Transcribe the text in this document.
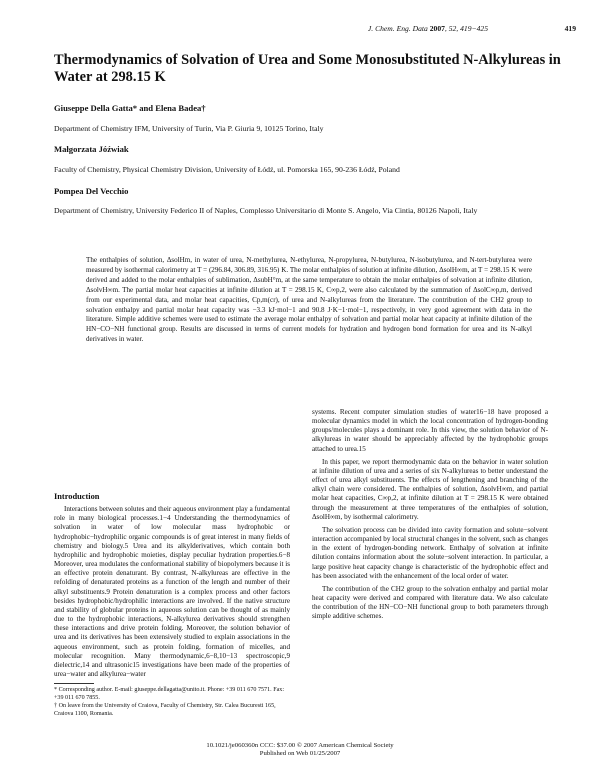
J. Chem. Eng. Data 2007, 52, 419−425	419
Thermodynamics of Solvation of Urea and Some Monosubstituted N-Alkylureas in Water at 298.15 K

Giuseppe Della Gatta* and Elena Badea†

Department of Chemistry IFM, University of Turin, Via P. Giuria 9, 10125 Torino, Italy

Małgorzata Jóźwiak

Faculty of Chemistry, Physical Chemistry Division, University of Łódź, ul. Pomorska 165, 90-236 Łódź, Poland

Pompea Del Vecchio

Department of Chemistry, University Federico II of Naples, Complesso Universitario di Monte S. Angelo, Via Cintia, 80126 Napoli, Italy

The enthalpies of solution, ΔsolHm, in water of urea, N-methylurea, N-ethylurea, N-propylurea, N-butylurea, N-isobutylurea, and N-tert-butylurea were measured by isothermal calorimetry at T = (296.84, 306.89, 316.95) K. The molar enthalpies of solution at infinite dilution, ΔsolH∞m, at T = 298.15 K were derived and added to the molar enthalpies of sublimation, ΔsubH°m, at the same temperature to obtain the molar enthalpies of solvation at infinite dilution, ΔsolvH∞m. The partial molar heat capacities at infinite dilution at T = 298.15 K, C∞p,2, were also calculated by the summation of ΔsolC∞p,m, derived from our experimental data, and molar heat capacities, Cp,m(cr), of urea and N-alkylureas from the literature. The contribution of the CH2 group to solvation enthalpy and partial molar heat capacity was −3.3 kJ·mol−1 and 90.8 J·K−1·mol−1, respectively, in very good agreement with data in the literature. Simple additive schemes were used to estimate the average molar enthalpy of solvation and partial molar heat capacity at infinite dilution of the HN−CO−NH functional group. Results are discussed in terms of current models for hydration and hydrogen bond formation for urea and its N-alkyl derivatives in water.

Introduction

Interactions between solutes and their aqueous environment play a fundamental role in many biological processes.1−4 Understanding the thermodynamics of solvation in water of low molecular mass hydrophobic or hydrophobic−hydrophilic organic compounds is of great interest in many fields of chemistry and biology.5 Urea and its alkylderivatives, which contain both hydrophilic and hydrophobic moieties, display peculiar hydration properties.6−8 Moreover, urea modulates the conformational stability of biopolymers because it is an effective protein denaturant. By contrast, N-alkylureas are effective in the refolding of denaturated proteins as a function of the length and number of their alkyl substituents.9 Protein denaturation is a complex process and other factors besides hydrophobic/hydrophilic interactions are involved. If the native structure and stability of globular proteins in aqueous solution can be thought of as mainly due to the hydrophobic interactions, N-alkylurea derivatives should strengthen these interactions and drive protein folding. Moreover, the solution behavior of urea and its derivatives has been extensively studied to explain associations in the aqueous environment, such as protein folding, formation of micelles, and molecular recognition. Many thermodynamic,6−8,10−13 spectroscopic,9 dielectric,14 and ultrasonic15 investigations have been made of the properties of urea−water and alkylurea−water

systems. Recent computer simulation studies of water16−18 have proposed a molecular dynamics model in which the local concentration of hydrogen-bonding groups/molecules plays a dominant role. In this view, the solution behavior of N-alkylureas in water should be appreciably affected by the hydrophobic groups attached to urea.15

In this paper, we report thermodynamic data on the behavior in water solution at infinite dilution of urea and a series of six N-alkylureas to better understand the effect of urea alkyl substituents. The effects of lengthening and branching of the alkyl chain were considered. The enthalpies of solution, ΔsolvH∞m, and partial molar heat capacities, C∞p,2, at infinite dilution at T = 298.15 K were obtained through the measurement at three temperatures of the enthalpies of solution, ΔsolH∞m, by isothermal calorimetry.

The solvation process can be divided into cavity formation and solute−solvent interaction accompanied by local structural changes in the solvent, such as changes in the extent of hydrogen-bonding network. Enthalpy of solvation at infinite dilution contains information about the solute−solvent interaction. In particular, a large positive heat capacity change is characteristic of the hydrophobic effect and has been associated with the enhancement of the local order of water.

The contribution of the CH2 group to the solvation enthalpy and partial molar heat capacity were derived and compared with literature data. We also calculate the contribution of the HN−CO−NH functional group to both parameters through simple additive schemes.

* Corresponding author. E-mail: giuseppe.dellagatta@unito.it. Phone: +39 011 670 7571. Fax: +39 011 670 7855.

† On leave from the University of Craiova, Faculty of Chemistry, Str. Calea Bucuresti 165, Craiova 1100, Romania.

10.1021/je060360n CCC: $37.00 © 2007 American Chemical Society

Published on Web 01/25/2007
